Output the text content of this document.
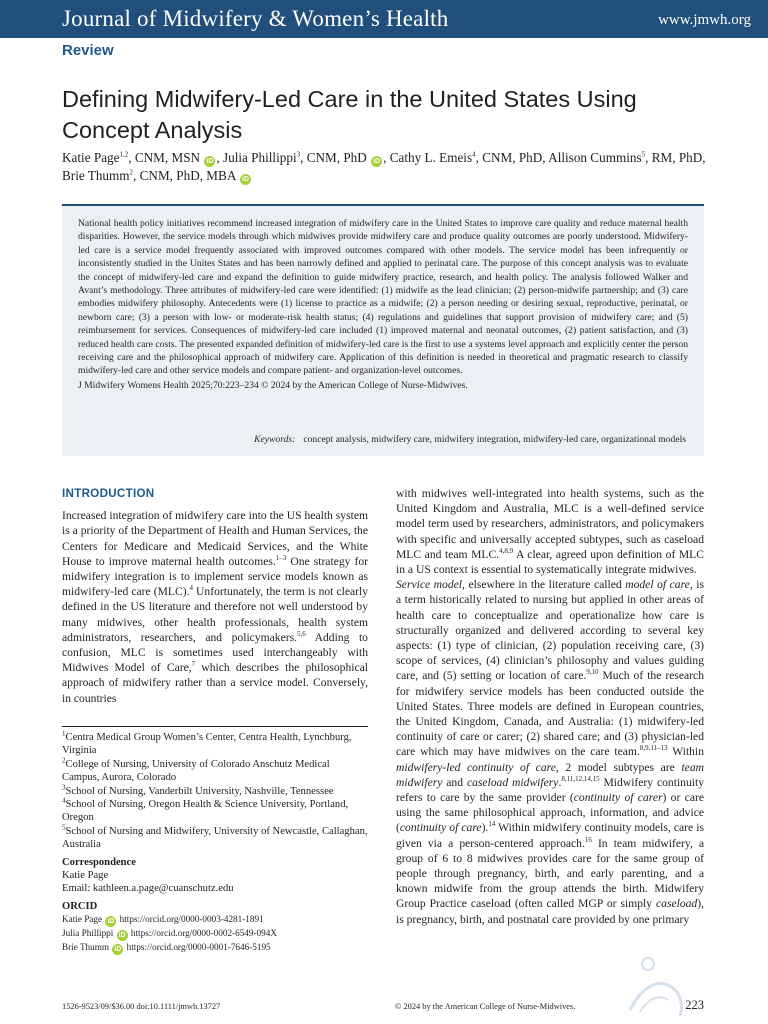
Journal of Midwifery & Women’s Health	www.jmwh.org
Review
Defining Midwifery-Led Care in the United States Using Concept Analysis
Katie Page$^{1,2}$, CNM, MSN iD , Julia Phillippi$^3$, CNM, PhD iD , Cathy L. Emeis$^4$, CNM, PhD, Allison Cummins$^5$, RM, PhD, Brie Thumm$^2$, CNM, PhD, MBA iD
National health policy initiatives recommend increased integration of midwifery care in the United States to improve care quality and reduce maternal health disparities. However, the service models through which midwives provide midwifery care and produce quality outcomes are poorly understood. Midwifery-led care is a service model frequently associated with improved outcomes compared with other models. The service model has been infrequently or inconsistently studied in the Unites States and has been narrowly defined and applied to perinatal care. The purpose of this concept analysis was to evaluate the concept of midwifery-led care and expand the definition to guide midwifery practice, research, and health policy. The analysis followed Walker and Avant’s methodology. Three attributes of midwifery-led care were identified: (1) midwife as the lead clinician; (2) person-midwife partnership; and (3) care embodies midwifery philosophy. Antecedents were (1) license to practice as a midwife; (2) a person needing or desiring sexual, reproductive, perinatal, or newborn care; (3) a person with low- or moderate-risk health status; (4) regulations and guidelines that support provision of midwifery care; and (5) reimbursement for services. Consequences of midwifery-led care included (1) improved maternal and neonatal outcomes, (2) patient satisfaction, and (3) reduced health care costs. The presented expanded definition of midwifery-led care is the first to use a systems level approach and explicitly center the person receiving care and the philosophical approach of midwifery care. Application of this definition is needed in theoretical and pragmatic research to classify midwifery-led care and other service models and compare patient- and organization-level outcomes.
J Midwifery Womens Health 2025;70:223–234 © 2024 by the American College of Nurse-Midwives.
Keywords: concept analysis, midwifery care, midwifery integration, midwifery-led care, organizational models
INTRODUCTION

Increased integration of midwifery care into the US health system is a priority of the Department of Health and Human Services, the Centers for Medicare and Medicaid Services, and the White House to improve maternal health outcomes.$^{1-3}$ One strategy for midwifery integration is to implement service models known as midwifery-led care (MLC).$^4$ Unfortunately, the term is not clearly defined in the US literature and therefore not well understood by many midwives, other health professionals, health system administrators, researchers, and policymakers.$^{5,6}$ Adding to confusion, MLC is sometimes used interchangeably with Midwives Model of Care,$^7$ which describes the philosophical approach of midwifery rather than a service model. Conversely, in countries

$^1$Centra Medical Group Women’s Center, Centra Health, Lynchburg, Virginia
$^2$College of Nursing, University of Colorado Anschutz Medical Campus, Aurora, Colorado
$^3$School of Nursing, Vanderbilt University, Nashville, Tennessee
$^4$School of Nursing, Oregon Health & Science University, Portland, Oregon
$^5$School of Nursing and Midwifery, University of Newcastle, Callaghan, Australia
Correspondence
Katie Page
Email: kathleen.a.page@cuanschutz.edu
ORCID
Katie Page iD https://orcid.org/0000-0003-4281-1891
Julia Phillippi iD https://orcid.org/0000-0002-6549-094X
Brie Thumm iD https://orcid.org/0000-0001-7646-5195

with midwives well-integrated into health systems, such as the United Kingdom and Australia, MLC is a well-defined service model term used by researchers, administrators, and policymakers with specific and universally accepted subtypes, such as caseload MLC and team MLC.$^{4,8,9}$ A clear, agreed upon definition of MLC in a US context is essential to systematically integrate midwives.

Service model, elsewhere in the literature called model of care, is a term historically related to nursing but applied in other areas of health care to conceptualize and operationalize how care is structurally organized and delivered according to several key aspects: (1) type of clinician, (2) population receiving care, (3) scope of services, (4) clinician’s philosophy and values guiding care, and (5) setting or location of care.$^{9,10}$ Much of the research for midwifery service models has been conducted outside the United States. Three models are defined in European countries, the United Kingdom, Canada, and Australia: (1) midwifery-led continuity of care or carer; (2) shared care; and (3) physician-led care which may have midwives on the care team.$^{8,9,11-13}$ Within midwifery-led continuity of care, 2 model subtypes are team midwifery and caseload midwifery.$^{8,11,12,14,15}$ Midwifery continuity refers to care by the same provider (continuity of carer) or care using the same philosophical approach, information, and advice (continuity of care).$^{14}$ Within midwifery continuity models, care is given via a person-centered approach.$^{16}$ In team midwifery, a group of 6 to 8 midwives provides care for the same group of people through pregnancy, birth, and early parenting, and a known midwife from the group attends the birth. Midwifery Group Practice caseload (often called MGP or simply caseload), is pregnancy, birth, and postnatal care provided by one primary

1526-9523/09/$36.00 doi:10.1111/jmwh.13727	© 2024 by the American College of Nurse-Midwives.	223
